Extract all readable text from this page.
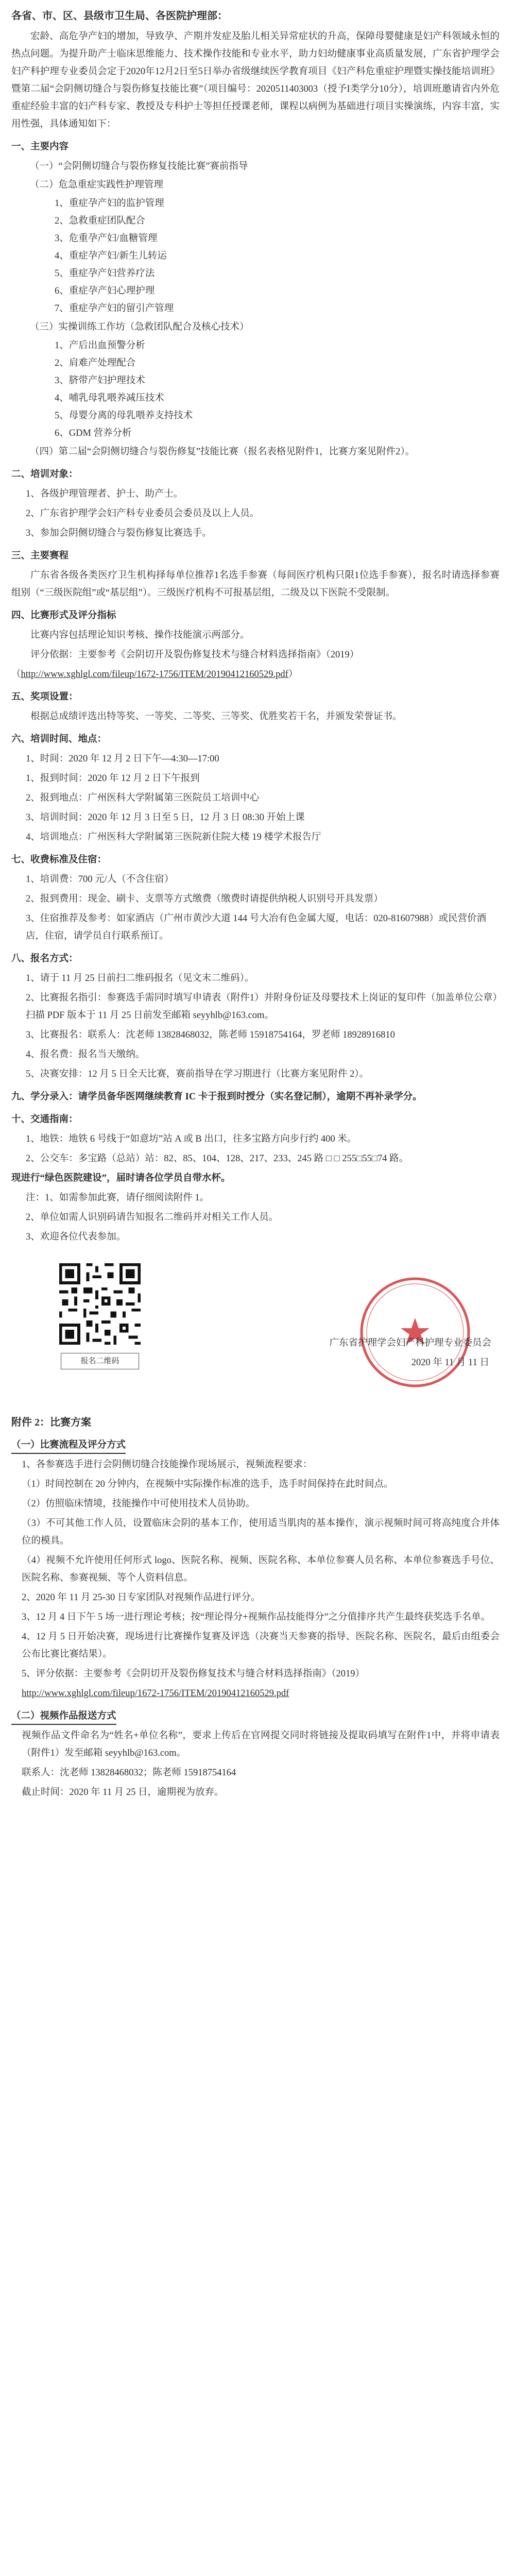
各省、市、区、县级市卫生局、各医院护理部：

宏龄、高危孕产妇的增加，导致孕、产期并发症及胎儿相关异常症状的升高，保障母婴健康是妇产科领域永恒的热点问题。为提升助产士临床思维能力、技术操作技能和专业水平，助力妇幼健康事业高质量发展，广东省护理学会妇产科护理专业委员会定于2020年12月2日至5日举办省级继续医学教育项目《妇产科危重症护理暨实操技能培训班》暨第二届“会阴侧切缝合与裂伤修复技能比赛”（项目编号：2020511403003（授予I类学分10分），培训班邀请省内外危重症经验丰富的妇产科专家、教授及专科护士等担任授课老师，课程以病例为基础进行项目实操演练，内容丰富，实用性强，具体通知如下：

一、主要内容

（一）“会阴侧切缝合与裂伤修复技能比赛”赛前指导

（二）危急重症实践性护理管理

1、重症孕产妇的监护管理

2、急救重症团队配合

3、危重孕产妇/血糖管理

4、重症孕产妇/新生儿转运

5、重症孕产妇营养疗法

6、重症孕产妇心理护理

7、重症孕产妇的留引产管理

（三）实操训练工作坊（急救团队配合及核心技术）

1、产后出血预警分析

2、肩难产处理配合

3、脐带产妇护理技术

4、哺乳母乳喂养减压技术

5、母婴分离的母乳喂养支持技术

6、GDM 营养分析

（四）第二届“会阴侧切缝合与裂伤修复”技能比赛（报名表格见附件1，比赛方案见附件2）。

二、培训对象：

1、各级护理管理者、护士、助产士。

2、广东省护理学会妇产科专业委员会委员及以上人员。

3、参加会阴侧切缝合与裂伤修复比赛选手。

三、主要赛程

广东省各级各类医疗卫生机构择每单位推荐1名选手参赛（每间医疗机构只限1位选手参赛），报名时请选择参赛组别（“三级医院组”或“基层组”）。三级医疗机构不可报基层组，二级及以下医院不受限制。

四、比赛形式及评分指标

比赛内容包括理论知识考核、操作技能演示两部分。

评分依据：主要参考《会阴切开及裂伤修复技术与缝合材料选择指南》（2019）

（http://www.xghlgl.com/fileup/1672-1756/ITEM/20190412160529.pdf）

五、奖项设置：

根据总成绩评选出特等奖、一等奖、二等奖、三等奖、优胜奖若干名，并颁发荣誉证书。

六、培训时间、地点：

1、时间：2020 年 12 月 2 日下午—4:30—17:00

1、报到时间：2020 年 12 月 2 日下午报到

2、报到地点：广州医科大学附属第三医院员工培训中心

3、培训时间：2020 年 12 月 3 日至 5 日，12 月 3 日 08:30 开始上课

4、培训地点：广州医科大学附属第三医院新住院大楼 19 楼学术报告厅

七、收费标准及住宿：

1、培训费：700 元/人（不含住宿）

2、报到费用：现金、刷卡、支票等方式缴费（缴费时请提供纳税人识别号开具发票）

3、住宿推荐及参考：如家酒店（广州市黄沙大道 144 号大冶有色金属大厦，电话：020-81607988）或民营价酒店，住宿，请学员自行联系预订。

八、报名方式：

1、请于 11 月 25 日前扫二维码报名（见文末二维码）。

2、比赛报名指引：参赛选手需同时填写申请表（附件1）并附身份证及母婴技术上岗证的复印件（加盖单位公章）扫描 PDF 版本于 11 月 25 日前发至邮箱 seyyhlb@163.com。

3、比赛报名：联系人：沈老师 13828468032，陈老师 15918754164，罗老师 18928916810

4、报名费：报名当天缴纳。

5、决赛安排：12 月 5 日全天比赛，赛前指导在学习期进行（比赛方案见附件 2）。

九、学分录入：请学员备华医网继续教育 IC 卡于报到时授分（实名登记制），逾期不再补录学分。

十、交通指南：

1、地铁：地铁 6 号线于“如意坊”站 A 或 B 出口，往多宝路方向步行约 400 米。

2、公交车：多宝路（总站）站：82、85、104、128、217、233、245 路 □ □ 255□55□74 路。

现进行“绿色医院建设”，届时请各位学员自带水杯。

注：1、如需参加此赛，请仔细阅读附件 1。

2、单位如需人识别码请告知报名二维码并对相关工作人员。

3、欢迎各位代表参加。

报名二维码
广东省护理学会妇产科护理专业委员会
2020 年 11 月 11 日

附件 2：比赛方案

（一）比赛流程及评分方式

1、各参赛选手进行会阴侧切缝合技能操作现场展示，视频流程要求：

（1）时间控制在 20 分钟内，在视频中实际操作标准的选手，选手时间保持在此时间点。

（2）仿照临床情境，技能操作中可使用技术人员协助。

（3）不可其他工作人员，设置临床会阴的基本工作，使用适当肌肉的基本操作，演示视频时间可将高纯度合并体位的模具。

（4）视频不允许使用任何形式 logo、医院名称、视频、医院名称、本单位参赛人员名称、本单位参赛选手号位、医院名称、参赛视频、等个人资料信息。

2、2020 年 11 月 25-30 日专家团队对视频作品进行评分。

3、12 月 4 日下午 5 场一进行理论考核；按“理论得分+视频作品技能得分”之分值排序共产生最终获奖选手名单。

4、12 月 5 日开始决赛，现场进行比赛操作复赛及评选（决赛当天参赛的指导、医院名称、医院名，最后由组委会公布比赛比赛结果）。

5、评分依据：主要参考《会阴切开及裂伤修复技术与缝合材料选择指南》（2019）

http://www.xghlgl.com/fileup/1672-1756/ITEM/20190412160529.pdf

（二）视频作品报送方式

视频作品文件命名为“姓名+单位名称”，要求上传后在官网提交同时将链接及提取码填写在附件1中，并将申请表（附件1）发至邮箱 seyyhlb@163.com。

联系人：沈老师 13828468032；陈老师 15918754164

截止时间：2020 年 11 月 25 日，逾期视为放弃。
